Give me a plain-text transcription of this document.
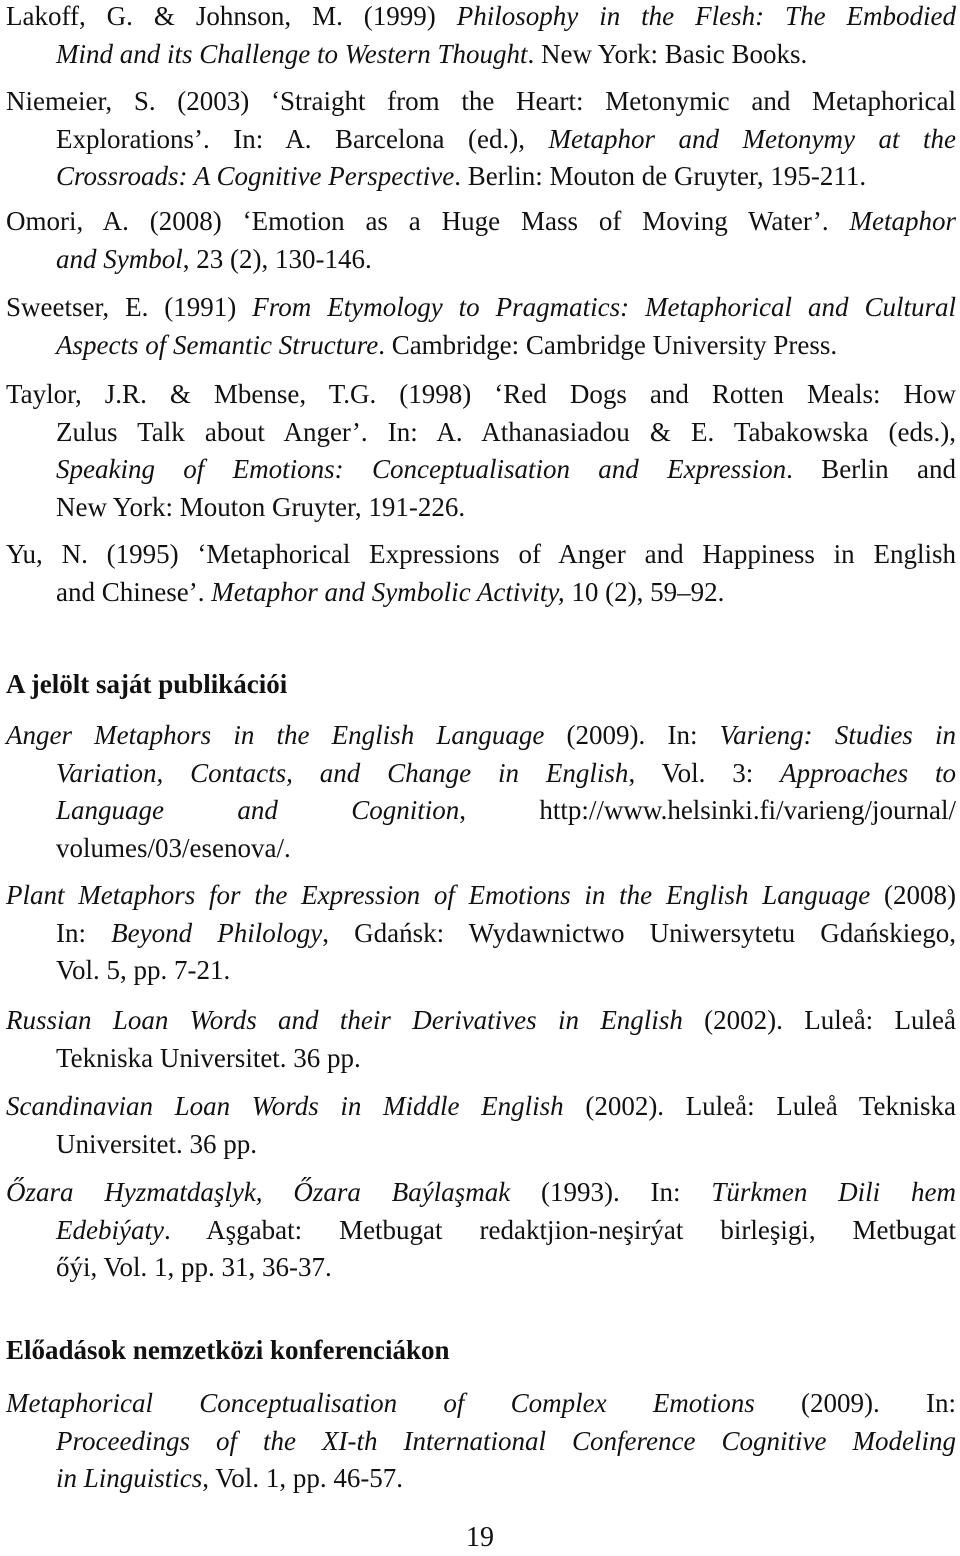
Lakoff, G. & Johnson, M. (1999) Philosophy in the Flesh: The Embodied
Mind and its Challenge to Western Thought. New York: Basic Books.
Niemeier, S. (2003) ‘Straight from the Heart: Metonymic and Metaphorical
Explorations’. In: A. Barcelona (ed.), Metaphor and Metonymy at the
Crossroads: A Cognitive Perspective. Berlin: Mouton de Gruyter, 195-211.
Omori, A. (2008) ‘Emotion as a Huge Mass of Moving Water’. Metaphor
and Symbol, 23 (2), 130-146.
Sweetser, E. (1991) From Etymology to Pragmatics: Metaphorical and Cultural
Aspects of Semantic Structure. Cambridge: Cambridge University Press.
Taylor, J.R. & Mbense, T.G. (1998) ‘Red Dogs and Rotten Meals: How
Zulus Talk about Anger’. In: A. Athanasiadou & E. Tabakowska (eds.),
Speaking of Emotions: Conceptualisation and Expression. Berlin and
New York: Mouton Gruyter, 191-226.
Yu, N. (1995) ‘Metaphorical Expressions of Anger and Happiness in English
and Chinese’. Metaphor and Symbolic Activity, 10 (2), 59–92.
A jelölt saját publikációi
Anger Metaphors in the English Language (2009). In: Varieng: Studies in
Variation, Contacts, and Change in English, Vol. 3: Approaches to
Language and Cognition, http://www.helsinki.fi/varieng/journal/
volumes/03/esenova/.
Plant Metaphors for the Expression of Emotions in the English Language (2008)
In: Beyond Philology, Gdańsk: Wydawnictwo Uniwersytetu Gdańskiego,
Vol. 5, pp. 7-21.
Russian Loan Words and their Derivatives in English (2002). Luleå: Luleå
Tekniska Universitet. 36 pp.
Scandinavian Loan Words in Middle English (2002). Luleå: Luleå Tekniska
Universitet. 36 pp.
Őzara Hyzmatdaşlyk, Őzara Baýlaşmak (1993). In: Türkmen Dili hem
Edebiýaty. Aşgabat: Metbugat redaktjion-neşirýat birleşigi, Metbugat
őýi, Vol. 1, pp. 31, 36-37.
Előadások nemzetközi konferenciákon
Metaphorical Conceptualisation of Complex Emotions (2009). In:
Proceedings of the XI-th International Conference Cognitive Modeling
in Linguistics, Vol. 1, pp. 46-57.
19
